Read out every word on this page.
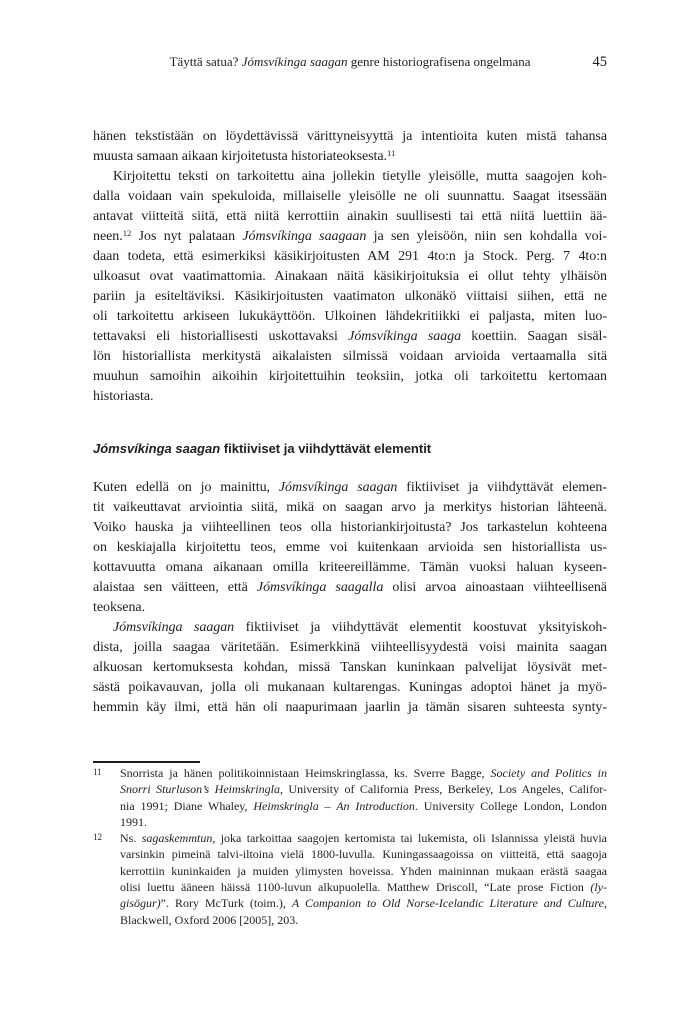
Täyttä satua? Jómsvíkinga saagan genre historiografisena ongelmana	45
hänen tekstistään on löydettävissä värittyneisyyttä ja intentioita kuten mistä tahansa
muusta samaan aikaan kirjoitetusta historiateoksesta.$^{11}$
Kirjoitettu teksti on tarkoitettu aina jollekin tietylle yleisölle, mutta saagojen koh-
dalla voidaan vain spekuloida, millaiselle yleisölle ne oli suunnattu. Saagat itsessään
antavat viitteitä siitä, että niitä kerrottiin ainakin suullisesti tai että niitä luettiin ää-
neen.$^{12}$ Jos nyt palataan Jómsvíkinga saagaan ja sen yleisöön, niin sen kohdalla voi-
daan todeta, että esimerkiksi käsikirjoitusten AM 291 4to:n ja Stock. Perg. 7 4to:n
ulkoasut ovat vaatimattomia. Ainakaan näitä käsikirjoituksia ei ollut tehty ylhäisön
pariin ja esiteltäviksi. Käsikirjoitusten vaatimaton ulkonäkö viittaisi siihen, että ne
oli tarkoitettu arkiseen lukukäyttöön. Ulkoinen lähdekritiikki ei paljasta, miten luo-
tettavaksi eli historiallisesti uskottavaksi Jómsvíkinga saaga koettiin. Saagan sisäl-
lön historiallista merkitystä aikalaisten silmissä voidaan arvioida vertaamalla sitä
muuhun samoihin aikoihin kirjoitettuihin teoksiin, jotka oli tarkoitettu kertomaan
historiasta.
Jómsvíkinga saagan fiktiiviset ja viihdyttävät elementit
Kuten edellä on jo mainittu, Jómsvíkinga saagan fiktiiviset ja viihdyttävät elemen-
tit vaikeuttavat arviointia siitä, mikä on saagan arvo ja merkitys historian lähteenä.
Voiko hauska ja viihteellinen teos olla historiankirjoitusta? Jos tarkastelun kohteena
on keskiajalla kirjoitettu teos, emme voi kuitenkaan arvioida sen historiallista us-
kottavuutta omana aikanaan omilla kriteereillämme. Tämän vuoksi haluan kyseen-
alaistaa sen väitteen, että Jómsvíkinga saagalla olisi arvoa ainoastaan viihteellisenä
teoksena.
Jómsvíkinga saagan fiktiiviset ja viihdyttävät elementit koostuvat yksityiskoh-
dista, joilla saagaa väritetään. Esimerkkinä viihteellisyydestä voisi mainita saagan
alkuosan kertomuksesta kohdan, missä Tanskan kuninkaan palvelijat löysivät met-
sästä poikavauvan, jolla oli mukanaan kultarengas. Kuningas adoptoi hänet ja myö-
hemmin käy ilmi, että hän oli naapurimaan jaarlin ja tämän sisaren suhteesta synty-
11 Snorrista ja hänen politikoinnistaan Heimskringlassa, ks. Sverre Bagge, Society and Politics in
Snorri Sturluson’s Heimskringla, University of California Press, Berkeley, Los Angeles, Califor-
nia 1991; Diane Whaley, Heimskringla – An Introduction. University College London, London
1991.
12 Ns. sagaskemmtun, joka tarkoittaa saagojen kertomista tai lukemista, oli Islannissa yleistä huvia
varsinkin pimeinä talvi-iltoina vielä 1800-luvulla. Kuningassaagoissa on viitteitä, että saagoja
kerrottiin kuninkaiden ja muiden ylimysten hoveissa. Yhden maininnan mukaan erästä saagaa
olisi luettu ääneen häissä 1100-luvun alkupuolella. Matthew Driscoll, “Late prose Fiction (ly-
gisögur)”. Rory McTurk (toim.), A Companion to Old Norse-Icelandic Literature and Culture,
Blackwell, Oxford 2006 [2005], 203.
